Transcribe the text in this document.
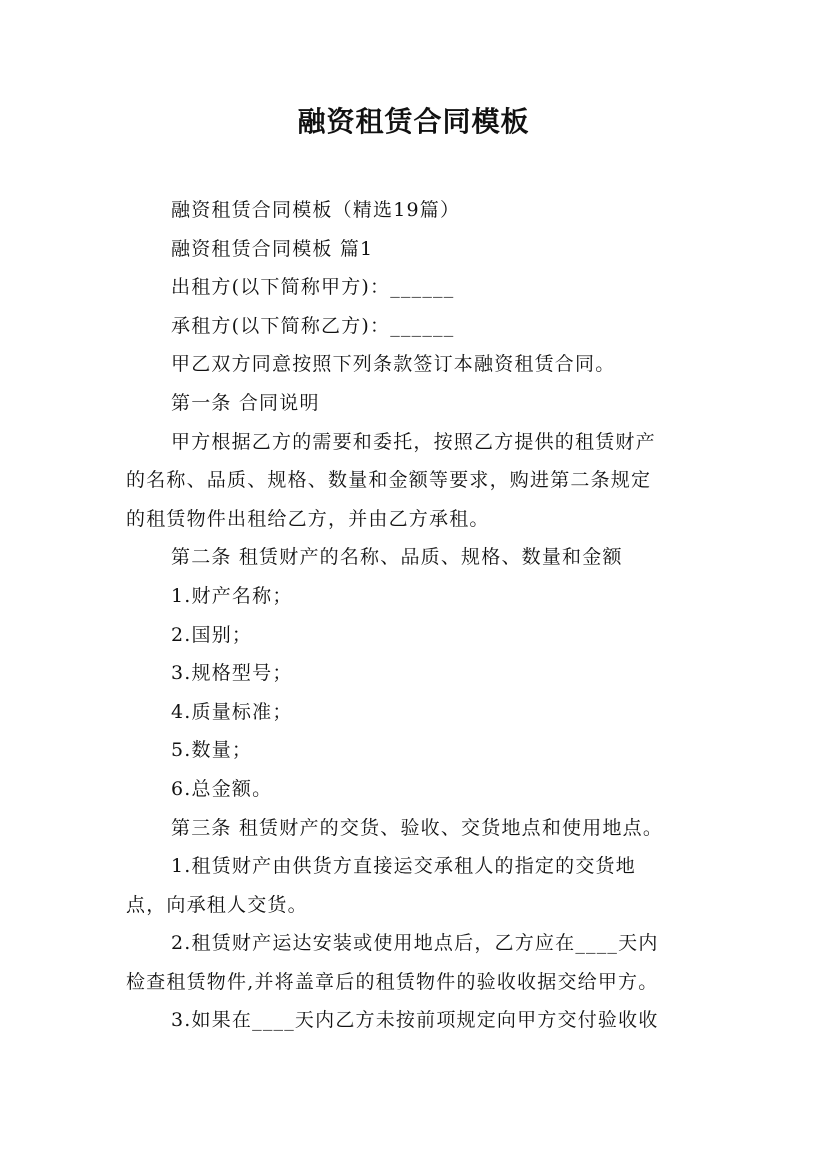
融资租赁合同模板
融资租赁合同模板（精选19篇）
融资租赁合同模板 篇1
出租方(以下简称甲方)：______
承租方(以下简称乙方)：______
甲乙双方同意按照下列条款签订本融资租赁合同。
第一条 合同说明
甲方根据乙方的需要和委托，按照乙方提供的租赁财产
的名称、品质、规格、数量和金额等要求，购进第二条规定
的租赁物件出租给乙方，并由乙方承租。
第二条 租赁财产的名称、品质、规格、数量和金额
1.财产名称；
2.国别；
3.规格型号；
4.质量标准；
5.数量；
6.总金额。
第三条 租赁财产的交货、验收、交货地点和使用地点。
1.租赁财产由供货方直接运交承租人的指定的交货地
点，向承租人交货。
2.租赁财产运达安装或使用地点后，乙方应在____天内
检查租赁物件,并将盖章后的租赁物件的验收收据交给甲方。
3.如果在____天内乙方未按前项规定向甲方交付验收收
